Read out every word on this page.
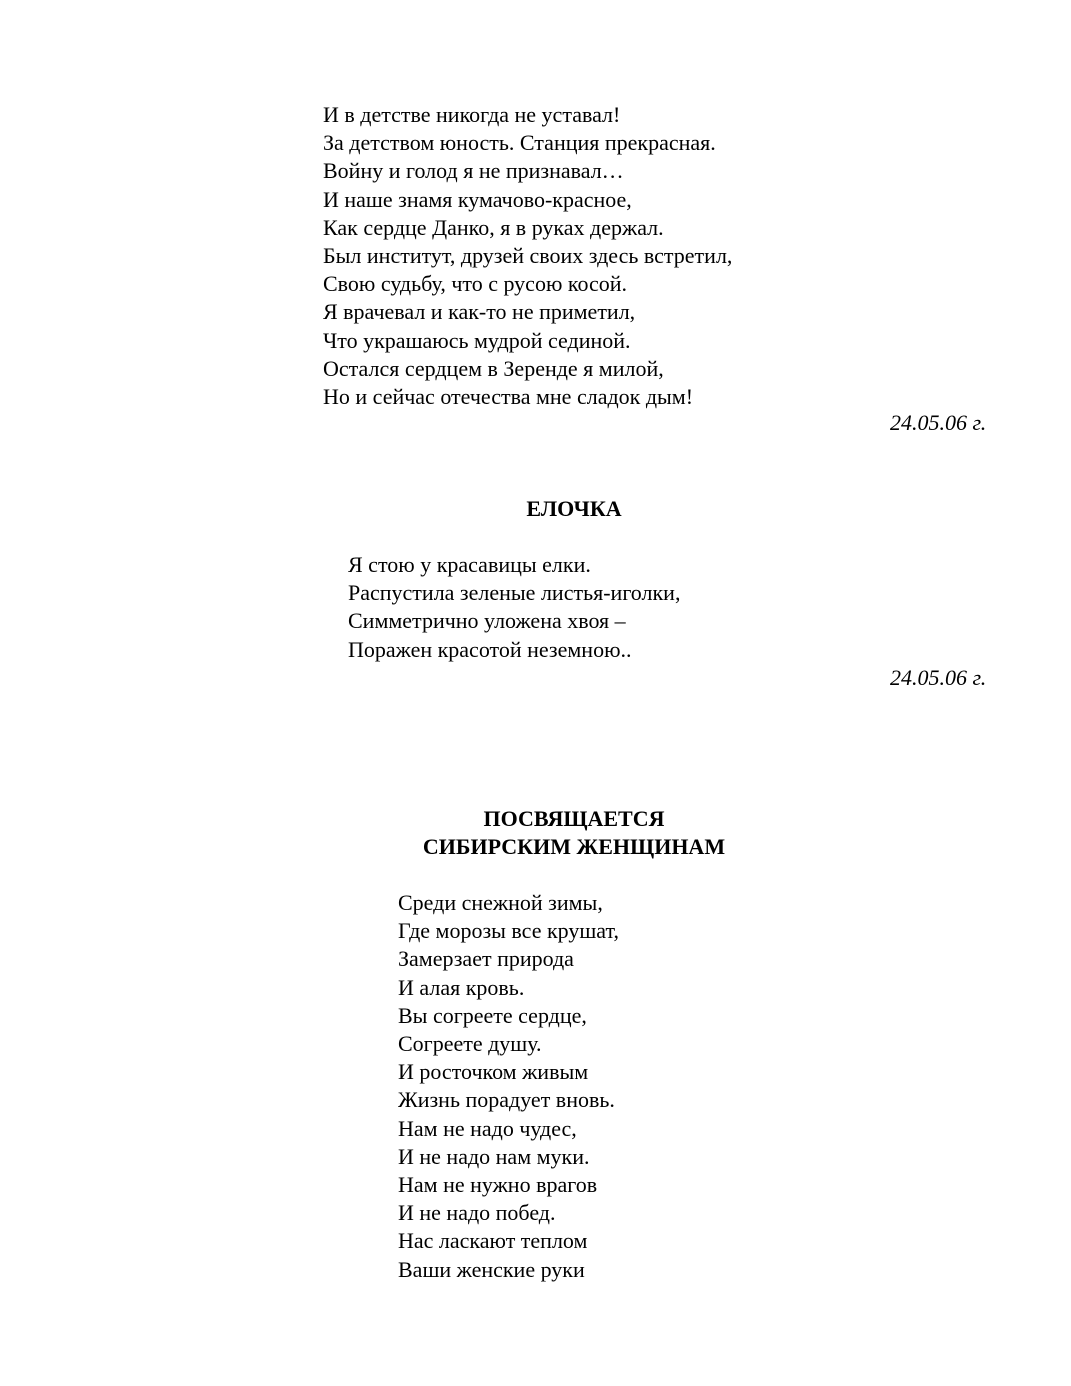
И в детстве никогда не уставал!
За детством юность. Станция прекрасная.
Войну и голод я не признавал…
И наше знамя кумачово-красное,
Как сердце Данко, я в руках держал.
Был институт, друзей своих здесь встретил,
Свою судьбу, что с русою косой.
Я врачевал и как-то не приметил,
Что украшаюсь мудрой сединой.
Остался сердцем в Зеренде я милой,
Но и сейчас отечества мне сладок дым!
24.05.06 г.
ЕЛОЧКА
Я стою у красавицы елки.
Распустила зеленые листья-иголки,
Симметрично уложена хвоя –
Поражен красотой неземною..
24.05.06 г.
ПОСВЯЩАЕТСЯ
СИБИРСКИМ ЖЕНЩИНАМ
Среди снежной зимы,
Где морозы все крушат,
Замерзает природа
И алая кровь.
Вы согреете сердце,
Согреете душу.
И росточком живым
Жизнь порадует вновь.
Нам не надо чудес,
И не надо нам муки.
Нам не нужно врагов
И не надо побед.
Нас ласкают теплом
Ваши женские руки
